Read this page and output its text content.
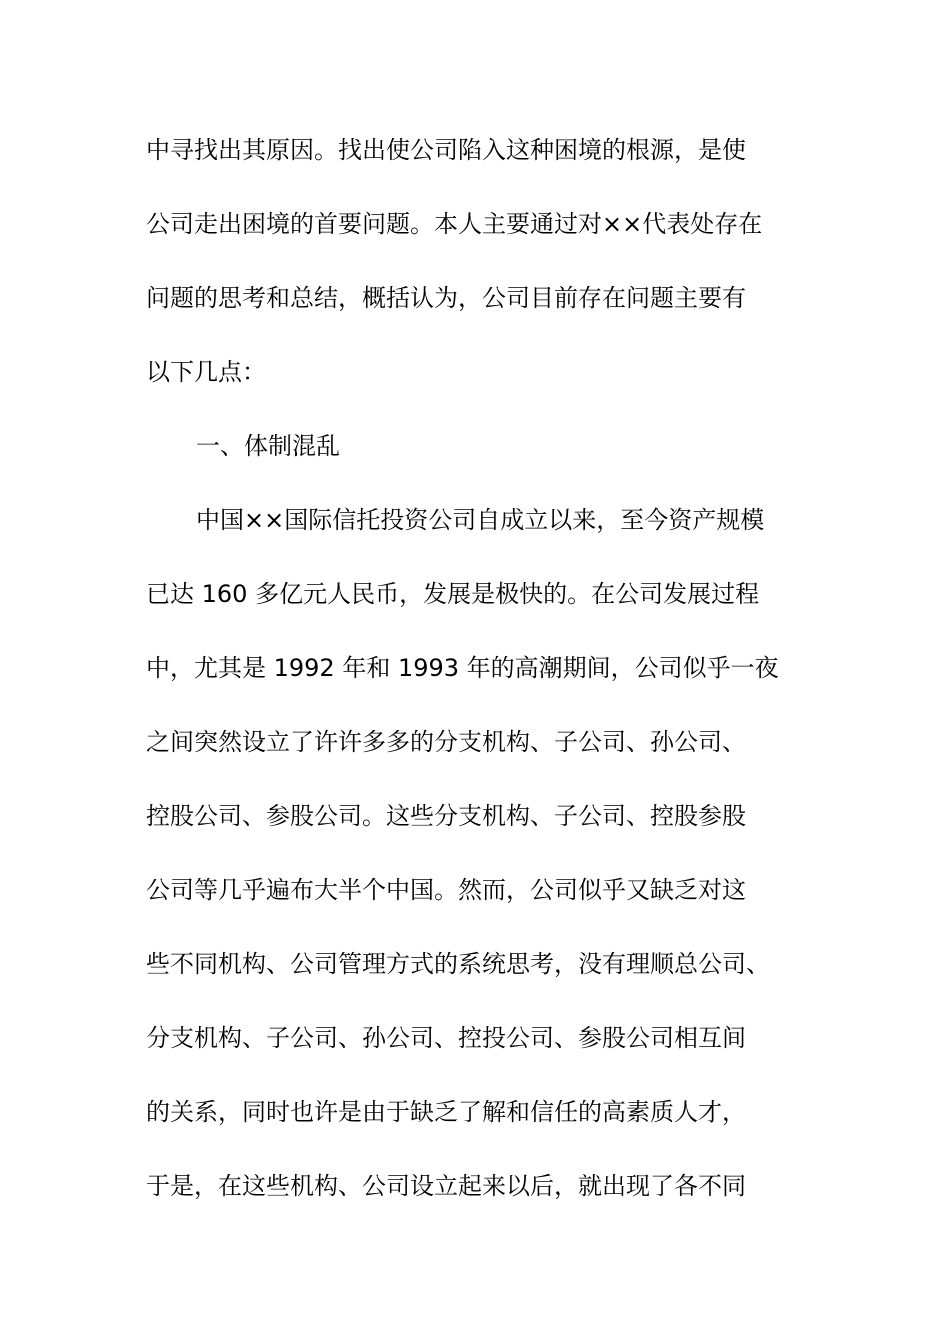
中寻找出其原因。找出使公司陷入这种困境的根源，是使
公司走出困境的首要问题。本人主要通过对××代表处存在
问题的思考和总结，概括认为，公司目前存在问题主要有
以下几点：
一、体制混乱
中国××国际信托投资公司自成立以来，至今资产规模
已达 160 多亿元人民币，发展是极快的。在公司发展过程
中，尤其是 1992 年和 1993 年的高潮期间，公司似乎一夜
之间突然设立了许许多多的分支机构、子公司、孙公司、
控股公司、参股公司。这些分支机构、子公司、控股参股
公司等几乎遍布大半个中国。然而，公司似乎又缺乏对这
些不同机构、公司管理方式的系统思考，没有理顺总公司、
分支机构、子公司、孙公司、控投公司、参股公司相互间
的关系，同时也许是由于缺乏了解和信任的高素质人才，
于是，在这些机构、公司设立起来以后，就出现了各不同
